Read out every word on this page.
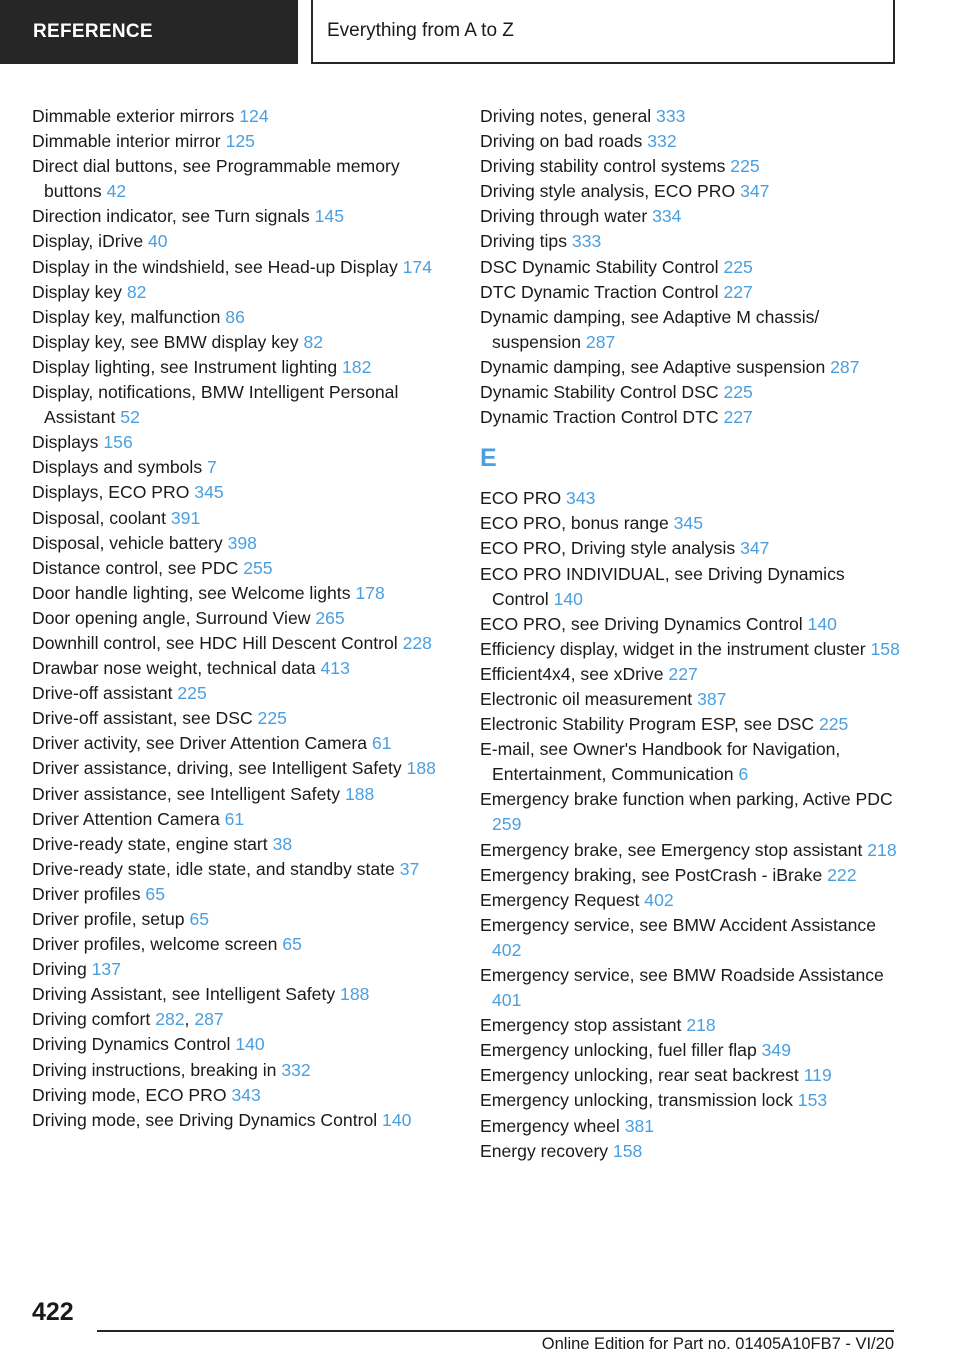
REFERENCE	Everything from A to Z
Dimmable exterior mirrors 124
Dimmable interior mirror 125
Direct dial buttons, see Programmable memory buttons 42
Direction indicator, see Turn signals 145
Display, iDrive 40
Display in the windshield, see Head-up Display 174
Display key 82
Display key, malfunction 86
Display key, see BMW display key 82
Display lighting, see Instrument lighting 182
Display, notifications, BMW Intelligent Personal Assistant 52
Displays 156
Displays and symbols 7
Displays, ECO PRO 345
Disposal, coolant 391
Disposal, vehicle battery 398
Distance control, see PDC 255
Door handle lighting, see Welcome lights 178
Door opening angle, Surround View 265
Downhill control, see HDC Hill Descent Control 228
Drawbar nose weight, technical data 413
Drive-off assistant 225
Drive-off assistant, see DSC 225
Driver activity, see Driver Attention Camera 61
Driver assistance, driving, see Intelligent Safety 188
Driver assistance, see Intelligent Safety 188
Driver Attention Camera 61
Drive-ready state, engine start 38
Drive-ready state, idle state, and standby state 37
Driver profiles 65
Driver profile, setup 65
Driver profiles, welcome screen 65
Driving 137
Driving Assistant, see Intelligent Safety 188
Driving comfort 282, 287
Driving Dynamics Control 140
Driving instructions, breaking in 332
Driving mode, ECO PRO 343
Driving mode, see Driving Dynamics Control 140
Driving notes, general 333
Driving on bad roads 332
Driving stability control systems 225
Driving style analysis, ECO PRO 347
Driving through water 334
Driving tips 333
DSC Dynamic Stability Control 225
DTC Dynamic Traction Control 227
Dynamic damping, see Adaptive M chassis/ suspension 287
Dynamic damping, see Adaptive suspension 287
Dynamic Stability Control DSC 225
Dynamic Traction Control DTC 227
E
ECO PRO 343
ECO PRO, bonus range 345
ECO PRO, Driving style analysis 347
ECO PRO INDIVIDUAL, see Driving Dynamics Control 140
ECO PRO, see Driving Dynamics Control 140
Efficiency display, widget in the instrument cluster 158
Efficient4x4, see xDrive 227
Electronic oil measurement 387
Electronic Stability Program ESP, see DSC 225
E-mail, see Owner's Handbook for Navigation, Entertainment, Communication 6
Emergency brake function when parking, Active PDC 259
Emergency brake, see Emergency stop assistant 218
Emergency braking, see PostCrash - iBrake 222
Emergency Request 402
Emergency service, see BMW Accident Assistance 402
Emergency service, see BMW Roadside Assistance 401
Emergency stop assistant 218
Emergency unlocking, fuel filler flap 349
Emergency unlocking, rear seat backrest 119
Emergency unlocking, transmission lock 153
Emergency wheel 381
Energy recovery 158
422
Online Edition for Part no. 01405A10FB7 - VI/20
